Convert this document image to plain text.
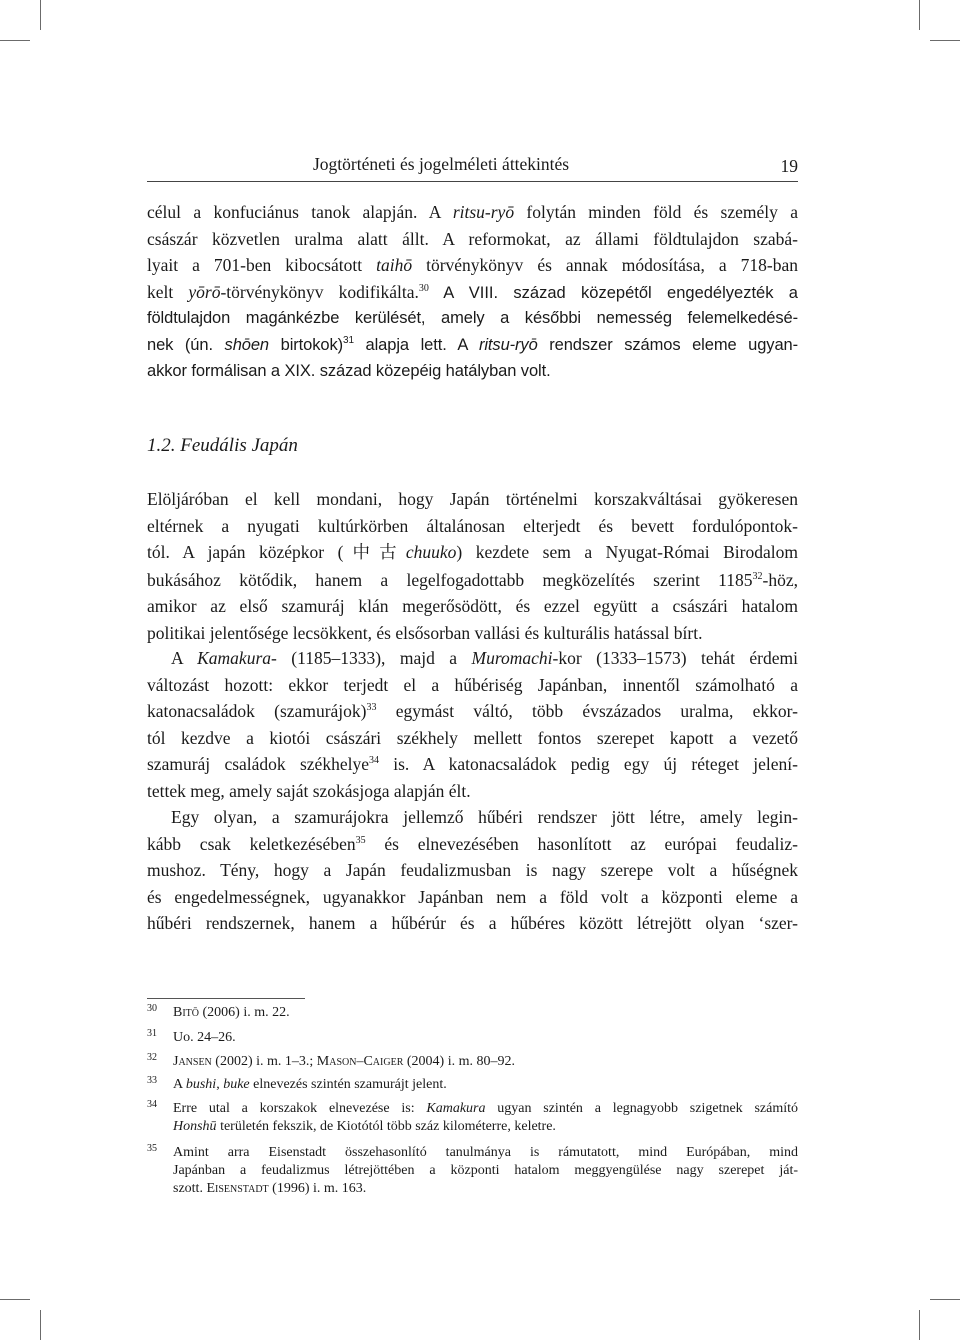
Jogtörténeti és jogelméleti áttekintés	19
célul a konfuciánus tanok alapján. A ritsu-ryō folytán minden föld és személy a
császár közvetlen uralma alatt állt. A reformokat, az állami földtulajdon szabá-
lyait a 701-ben kibocsátott taihō törvénykönyv és annak módosítása, a 718-ban
kelt yōrō-törvénykönyv kodifikálta.$^{30}$ A VIII. század közepétől engedélyezték a
földtulajdon magánkézbe kerülését, amely a későbbi nemesség felemelkedésé-
nek (ún. shōen birtokok)$^{31}$ alapja lett. A ritsu-ryō rendszer számos eleme ugyan-
akkor formálisan a XIX. század közepéig hatályban volt.
1.2. Feudális Japán
Elöljáróban el kell mondani, hogy Japán történelmi korszakváltásai gyökeresen
eltérnek a nyugati kultúrkörben általánosan elterjedt és bevett fordulópontok-
tól. A japán középkor (中古chuuko) kezdete sem a Nyugat-Római Birodalom
bukásához kötődik, hanem a legelfogadottabb megközelítés szerint 1185$^{32}$-höz,
amikor az első szamuráj klán megerősödött, és ezzel együtt a császári hatalom
politikai jelentősége lecsökkent, és elsősorban vallási és kulturális hatással bírt.
A Kamakura- (1185–1333), majd a Muromachi-kor (1333–1573) tehát érdemi
változást hozott: ekkor terjedt el a hűbériség Japánban, innentől számolható a
katonacsaládok (szamurájok)$^{33}$ egymást váltó, több évszázados uralma, ekkor-
tól kezdve a kiotói császári székhely mellett fontos szerepet kapott a vezető
szamuráj családok székhelye$^{34}$ is. A katonacsaládok pedig egy új réteget jelení-
tettek meg, amely saját szokásjoga alapján élt.
Egy olyan, a szamurájokra jellemző hűbéri rendszer jött létre, amely legin-
kább csak keletkezésében$^{35}$ és elnevezésében hasonlított az európai feudaliz-
mushoz. Tény, hogy a Japán feudalizmusban is nagy szerepe volt a hűségnek
és engedelmességnek, ugyanakkor Japánban nem a föld volt a központi eleme a
hűbéri rendszernek, hanem a hűbérúr és a hűbéres között létrejött olyan ‘szer-
30 Bitō (2006) i. m. 22.
31 Uo. 24–26.
32 Jansen (2002) i. m. 1–3.; Mason–Caiger (2004) i. m. 80–92.
33 A bushi, buke elnevezés szintén szamurájt jelent.
34 Erre utal a korszakok elnevezése is: Kamakura ugyan szintén a legnagyobb szigetnek számító
Honshū területén fekszik, de Kiotótól több száz kilométerre, keletre.
35 Amint arra Eisenstadt összehasonlító tanulmánya is rámutatott, mind Európában, mind
Japánban a feudalizmus létrejöttében a központi hatalom meggyengülése nagy szerepet ját-
szott. Eisenstadt (1996) i. m. 163.
